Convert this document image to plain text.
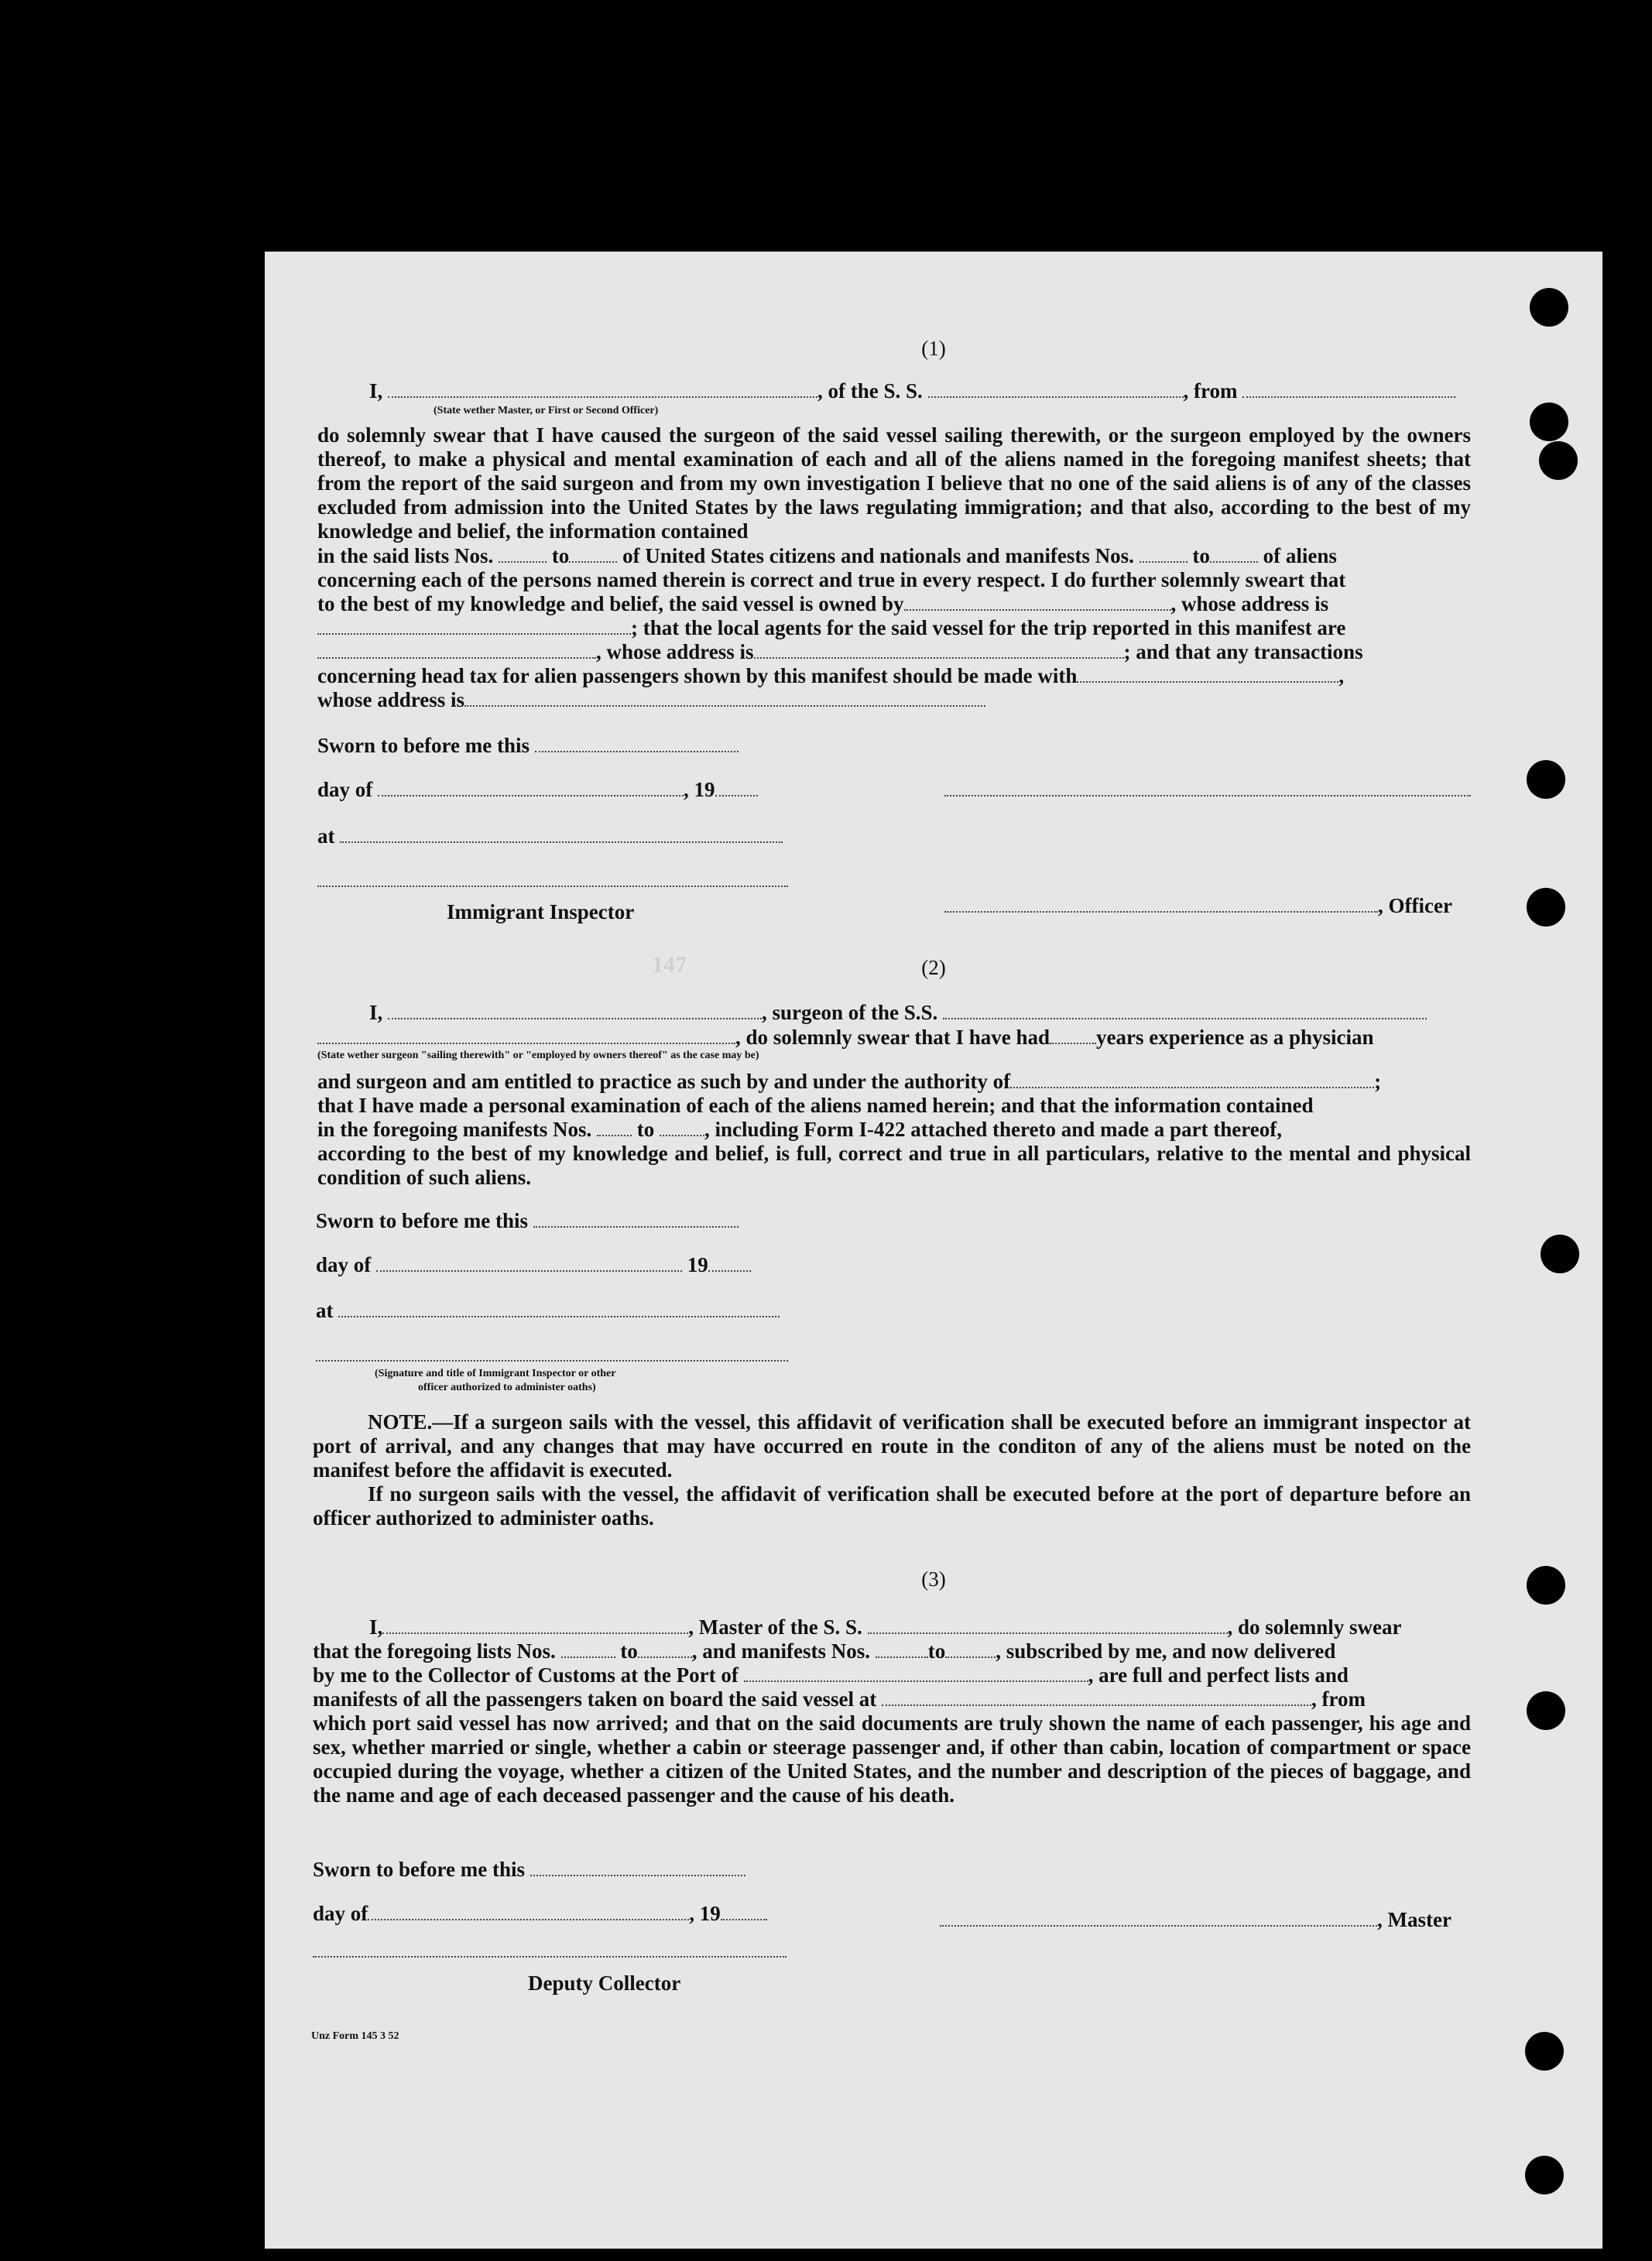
147
(1)
I,	, of the S. S.	, from
(State wether Master, or First or Second Officer)
do solemnly swear that I have caused the surgeon of the said vessel sailing therewith, or the surgeon employed by the owners thereof, to make a physical and mental examination of each and all of the aliens named in the foregoing manifest sheets; that from the report of the said surgeon and from my own investigation I believe that no one of the said aliens is of any of the classes excluded from admission into the United States by the laws regulating immigration; and that also, according to the best of my knowledge and belief, the information contained
in the said lists Nos.	to	of United States citizens and nationals and manifests Nos.	to	of aliens
concerning each of the persons named therein is correct and true in every respect. I do further solemnly sweart that
to the best of my knowledge and belief, the said vessel is owned by	, whose address is
; that the local agents for the said vessel for the trip reported in this manifest are
, whose address is	; and that any transactions
concerning head tax for alien passengers shown by this manifest should be made with	,
whose address is
Sworn to before me this
day of	, 19
at
Immigrant Inspector	, Officer
(2)
I,	, surgeon of the S.S.
, do solemnly swear that I have had years experience as a physician
(State wether surgeon "sailing therewith" or "employed by owners thereof" as the case may be)
and surgeon and am entitled to practice as such by and under the authority of	;
that I have made a personal examination of each of the aliens named herein; and that the information contained
in the foregoing manifests Nos. to , including Form I-422 attached thereto and made a part thereof,
according to the best of my knowledge and belief, is full, correct and true in all particulars, relative to the mental and physical condition of such aliens.
Sworn to before me this
day of	19
at
(Signature and title of Immigrant Inspector or other
officer authorized to administer oaths)
NOTE.—If a surgeon sails with the vessel, this affidavit of verification shall be executed before an immigrant inspector at port of arrival, and any changes that may have occurred en route in the conditon of any of the aliens must be noted on the manifest before the affidavit is executed.
If no surgeon sails with the vessel, the affidavit of verification shall be executed before at the port of departure before an officer authorized to administer oaths.
(3)
I,	, Master of the S. S.	, do solemnly swear
that the foregoing lists Nos.	to	, and manifests Nos.	to , subscribed by me, and now delivered
by me to the Collector of Customs at the Port of	, are full and perfect lists and
manifests of all the passengers taken on board the said vessel at	, from
which port said vessel has now arrived; and that on the said documents are truly shown the name of each passenger, his age and sex, whether married or single, whether a cabin or steerage passenger and, if other than cabin, location of compartment or space occupied during the voyage, whether a citizen of the United States, and the number and description of the pieces of baggage, and the name and age of each deceased passenger and the cause of his death.
Sworn to before me this
day of	, 19	, Master
Deputy Collector
Unz Form 145 3 52
